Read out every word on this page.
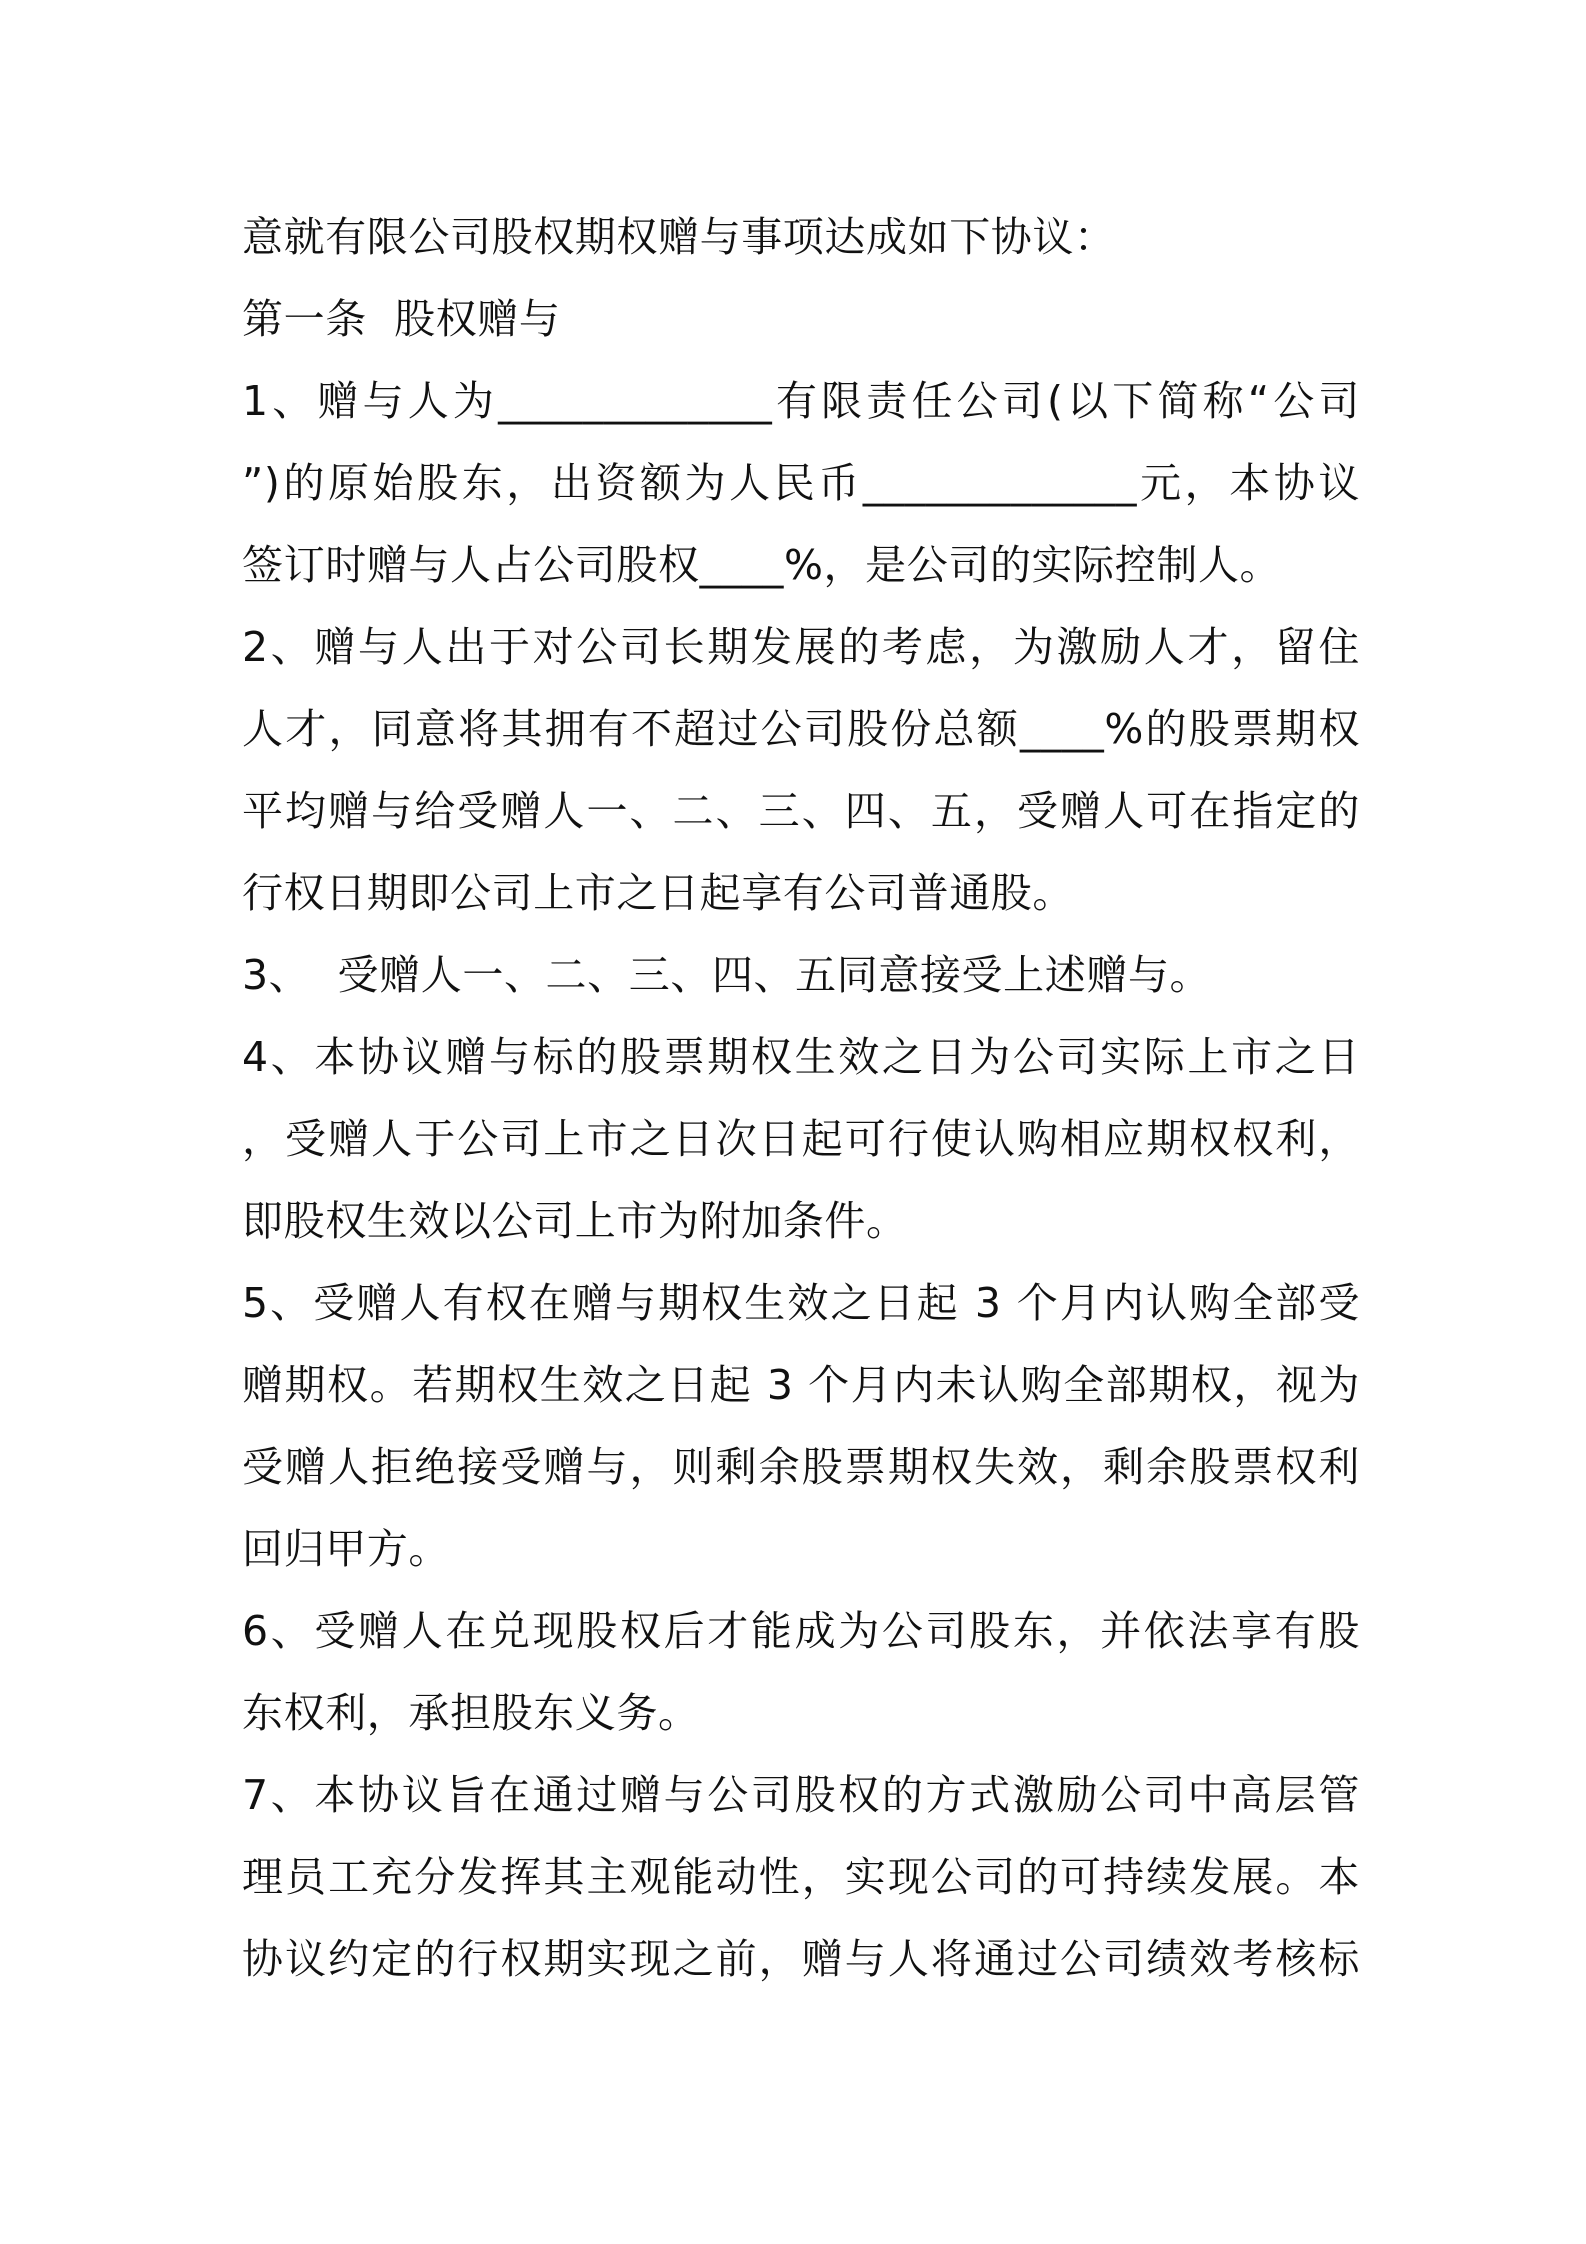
意就有限公司股权期权赠与事项达成如下协议：
第一条  股权赠与
1、赠与人为_____________有限责任公司(以下简称“公司
”)的原始股东，出资额为人民币_____________元，本协议
签订时赠与人占公司股权____%，是公司的实际控制人。
2、赠与人出于对公司长期发展的考虑，为激励人才，留住
人才，同意将其拥有不超过公司股份总额____%的股票期权
平均赠与给受赠人一、二、三、四、五，受赠人可在指定的
行权日期即公司上市之日起享有公司普通股。
3、  受赠人一、二、三、四、五同意接受上述赠与。
4、本协议赠与标的股票期权生效之日为公司实际上市之日
，受赠人于公司上市之日次日起可行使认购相应期权权利，
即股权生效以公司上市为附加条件。
5、受赠人有权在赠与期权生效之日起 3 个月内认购全部受
赠期权。若期权生效之日起 3 个月内未认购全部期权，视为
受赠人拒绝接受赠与，则剩余股票期权失效，剩余股票权利
回归甲方。
6、受赠人在兑现股权后才能成为公司股东，并依法享有股
东权利，承担股东义务。
7、本协议旨在通过赠与公司股权的方式激励公司中高层管
理员工充分发挥其主观能动性，实现公司的可持续发展。本
协议约定的行权期实现之前，赠与人将通过公司绩效考核标
